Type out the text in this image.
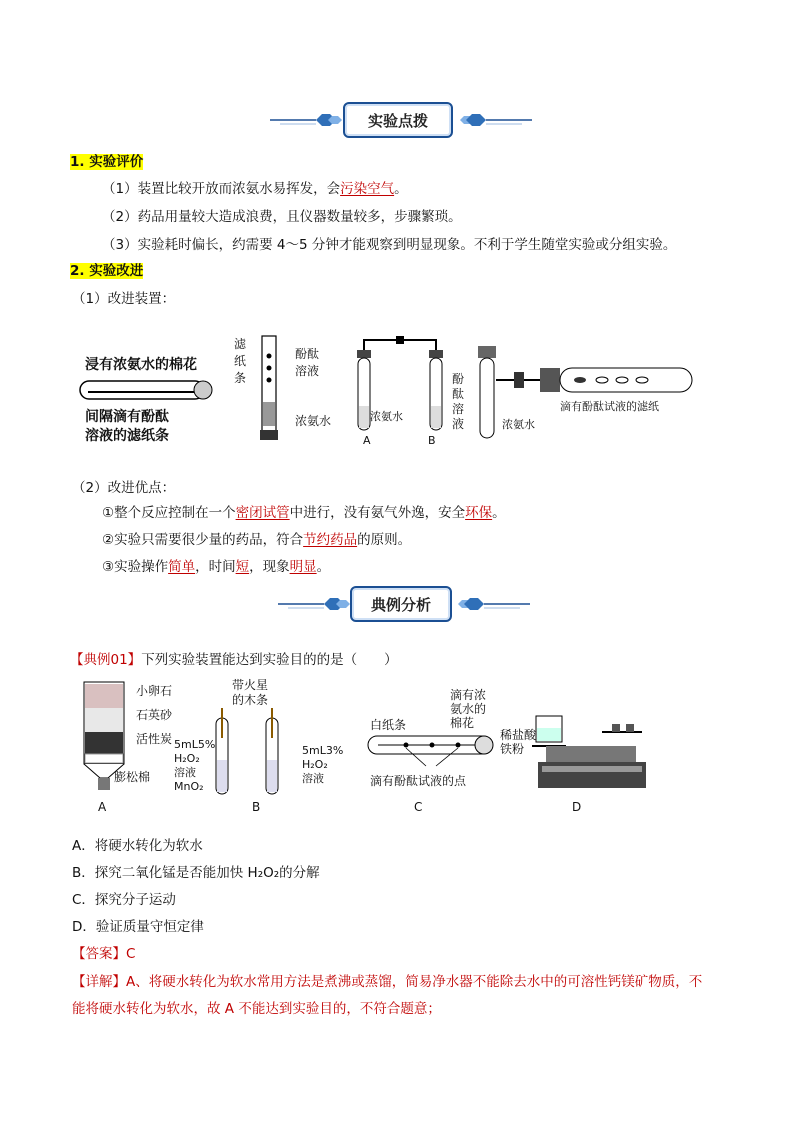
实验点拨
1. 实验评价
（1）装置比较开放而浓氨水易挥发，会污染空气。
（2）药品用量较大造成浪费，且仪器数量较多，步骤繁琐。
（3）实验耗时偏长，约需要 4～5 分钟才能观察到明显现象。不利于学生随堂实验或分组实验。
2. 实验改进
（1）改进装置：
浸有浓氨水的棉花
间隔滴有酚酞
溶液的滤纸条
滤
纸
条
酚酞
溶液
浓氨水	浓氨水
A	B
酚
酞
溶
液	浓氨水
滴有酚酞试液的滤纸
（2）改进优点：
①整个反应控制在一个密闭试管中进行，没有氨气外逸，安全环保。
②实验只需要很少量的药品，符合节约药品的原则。
③实验操作简单，时间短，现象明显。
典例分析
【典例01】下列实验装置能达到实验目的的是（　　）
小卵石
石英砂
活性炭
膨松棉
A
带火星
的木条
5mL5%
H₂O₂
溶液
MnO₂
5mL3%
H₂O₂
溶液
B
白纸条
滴有浓
氨水的
棉花
滴有酚酞试液的点
C
稀盐酸
铁粉
D
A．将硬水转化为软水
B．探究二氧化锰是否能加快 H₂O₂的分解
C．探究分子运动
D．验证质量守恒定律
【答案】C
【详解】A、将硬水转化为软水常用方法是煮沸或蒸馏，简易净水器不能除去水中的可溶性钙镁矿物质，不
能将硬水转化为软水，故 A 不能达到实验目的，不符合题意；
